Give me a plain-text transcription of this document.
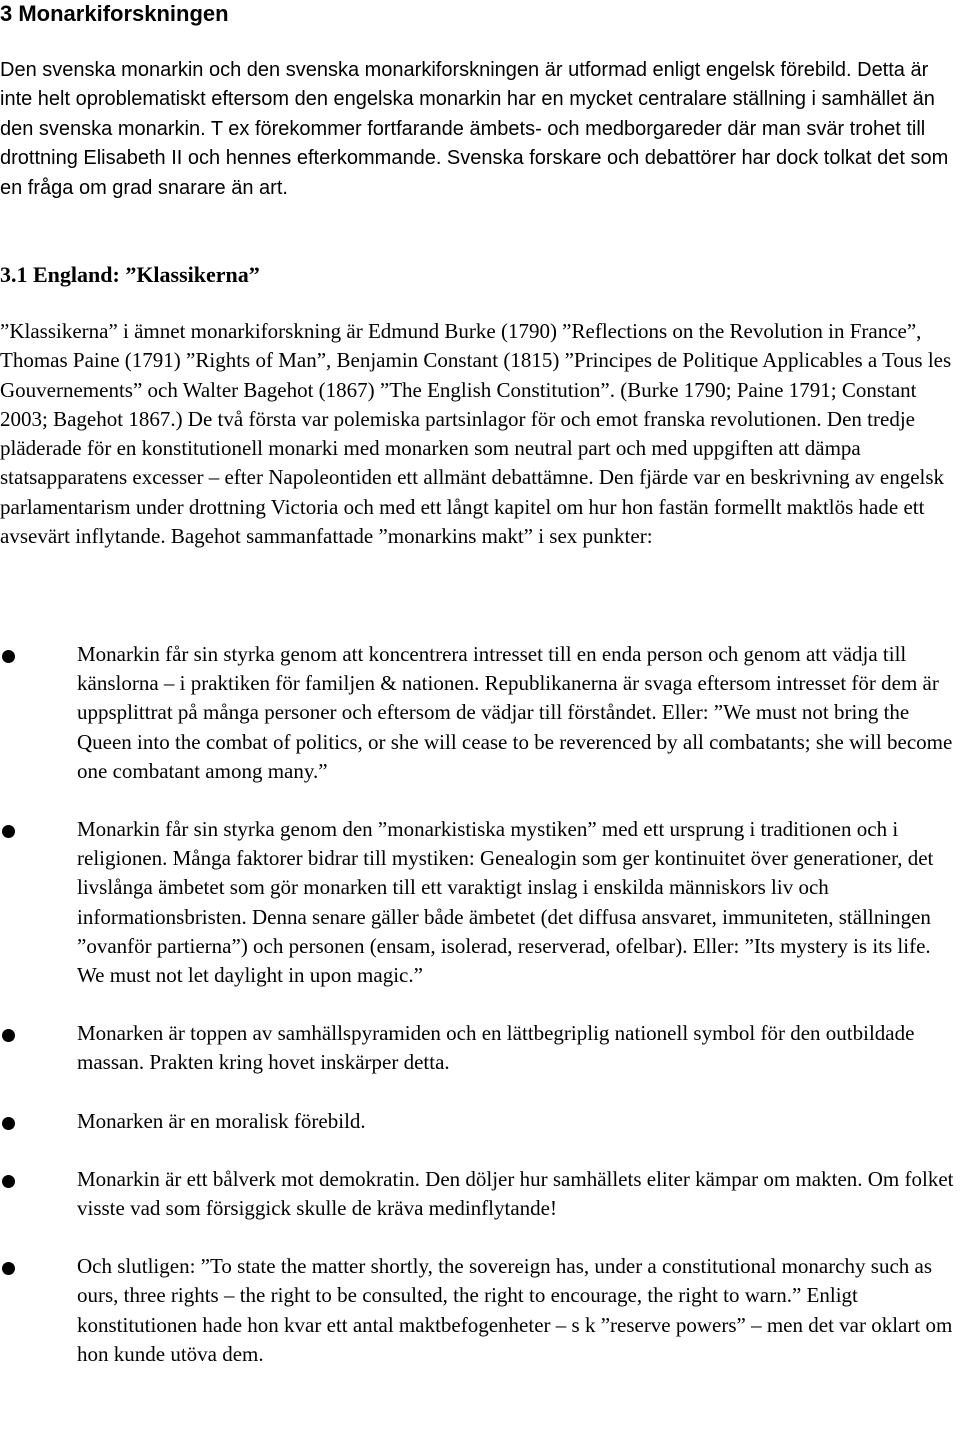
3 Monarkiforskningen

Den svenska monarkin och den svenska monarkiforskningen är utformad enligt engelsk förebild. Detta är inte helt oproblematiskt eftersom den engelska monarkin har en mycket centralare ställning i samhället än den svenska monarkin. T ex förekommer fortfarande ämbets- och medborgareder där man svär trohet till drottning Elisabeth II och hennes efterkommande. Svenska forskare och debattörer har dock tolkat det som en fråga om grad snarare än art.

3.1 England: ”Klassikerna”

”Klassikerna” i ämnet monarkiforskning är Edmund Burke (1790) ”Reflections on the Revolution in France”, Thomas Paine (1791) ”Rights of Man”, Benjamin Constant (1815) ”Principes de Politique Applicables a Tous les Gouvernements” och Walter Bagehot (1867) ”The English Constitution”. (Burke 1790; Paine 1791; Constant 2003; Bagehot 1867.) De två första var polemiska partsinlagor för och emot franska revolutionen. Den tredje pläderade för en konstitutionell monarki med monarken som neutral part och med uppgiften att dämpa statsapparatens excesser – efter Napoleontiden ett allmänt debattämne. Den fjärde var en beskrivning av engelsk parlamentarism under drottning Victoria och med ett långt kapitel om hur hon fastän formellt maktlös hade ett avsevärt inflytande. Bagehot sammanfattade ”monarkins makt” i sex punkter:

Monarkin får sin styrka genom att koncentrera intresset till en enda person och genom att vädja till känslorna – i praktiken för familjen & nationen. Republikanerna är svaga eftersom intresset för dem är uppsplittrat på många personer och eftersom de vädjar till förståndet. Eller: ”We must not bring the Queen into the combat of politics, or she will cease to be reverenced by all combatants; she will become one combatant among many.”
Monarkin får sin styrka genom den ”monarkistiska mystiken” med ett ursprung i traditionen och i religionen. Många faktorer bidrar till mystiken: Genealogin som ger kontinuitet över generationer, det livslånga ämbetet som gör monarken till ett varaktigt inslag i enskilda människors liv och informationsbristen. Denna senare gäller både ämbetet (det diffusa ansvaret, immuniteten, ställningen ”ovanför partierna”) och personen (ensam, isolerad, reserverad, ofelbar). Eller: ”Its mystery is its life. We must not let daylight in upon magic.”
Monarken är toppen av samhällspyramiden och en lättbegriplig nationell symbol för den outbildade massan. Prakten kring hovet inskärper detta.
Monarken är en moralisk förebild.
Monarkin är ett bålverk mot demokratin. Den döljer hur samhällets eliter kämpar om makten. Om folket visste vad som försiggick skulle de kräva medinflytande!
Och slutligen: ”To state the matter shortly, the sovereign has, under a constitutional monarchy such as ours, three rights – the right to be consulted, the right to encourage, the right to warn.” Enligt konstitutionen hade hon kvar ett antal maktbefogenheter – s k ”reserve powers” – men det var oklart om hon kunde utöva dem.
